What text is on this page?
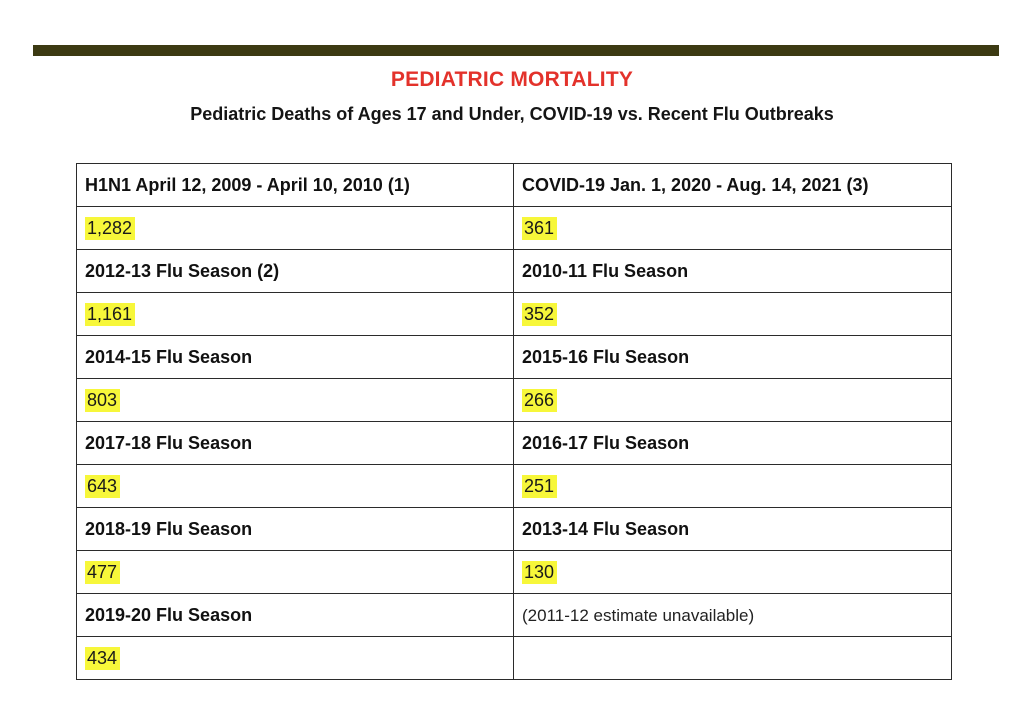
PEDIATRIC MORTALITY
Pediatric Deaths of Ages 17 and Under, COVID-19 vs. Recent Flu Outbreaks
H1N1 April 12, 2009 - April 10, 2010 (1)	COVID-19 Jan. 1, 2020 - Aug. 14, 2021 (3)
1,282	361
2012-13 Flu Season (2)	2010-11 Flu Season
1,161	352
2014-15 Flu Season	2015-16 Flu Season
803	266
2017-18 Flu Season	2016-17 Flu Season
643	251
2018-19 Flu Season	2013-14 Flu Season
477	130
2019-20 Flu Season	(2011-12 estimate unavailable)
434	
